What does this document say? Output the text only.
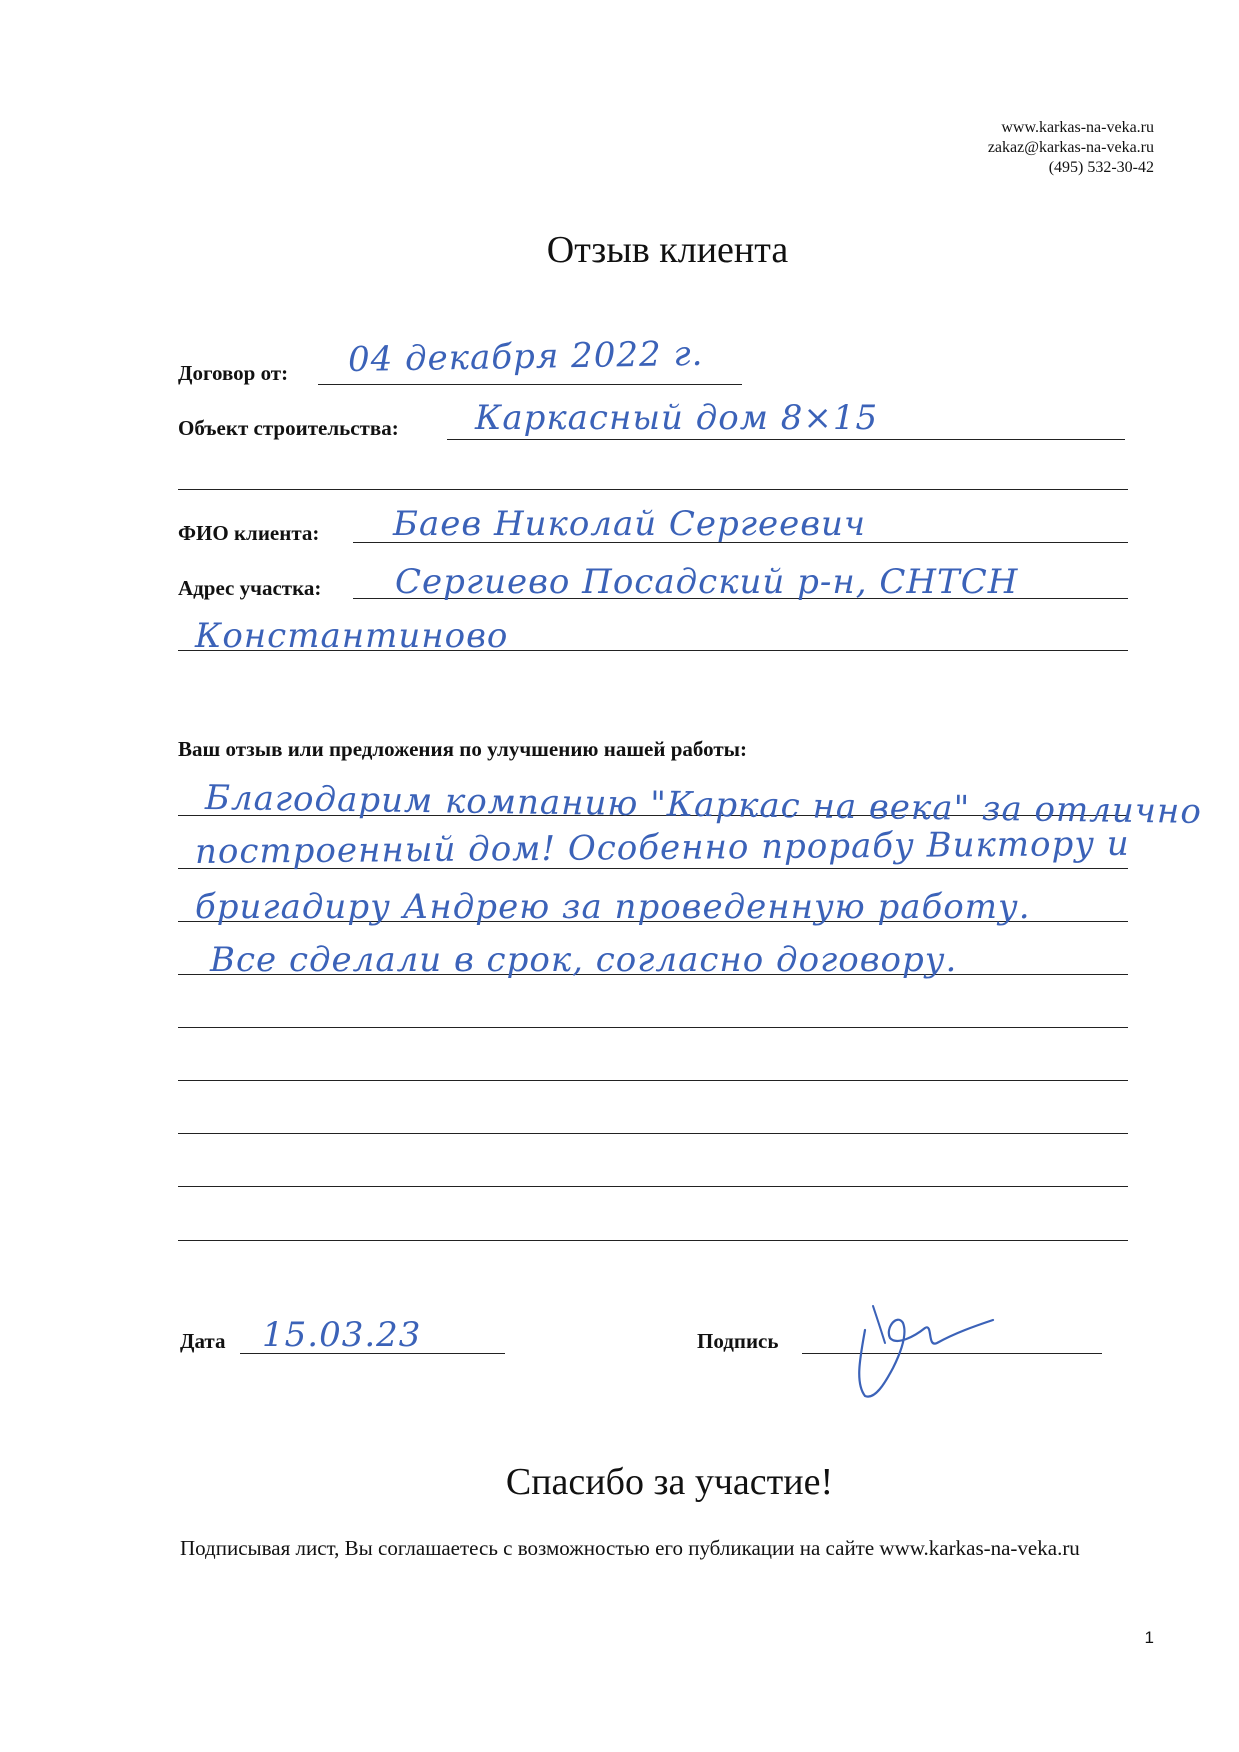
www.karkas-na-veka.ru
zakaz@karkas-na-veka.ru
(495) 532-30-42
Отзыв клиента
Договор от: 04 декабря 2022 г.
Объект строительства: Каркасный дом 8×15
ФИО клиента: Баев Николай Сергеевич
Адрес участка: Сергиево Посадский р-н, СНТСН
Константиново
Ваш отзыв или предложения по улучшению нашей работы:
Благодарим компанию "Каркас на века" за отлично
построенный дом! Особенно прорабу Виктору и
бригадиру Андрею за проведенную работу.
Все сделали в срок, согласно договору.
Дата 15.03.23	Подпись
Спасибо за участие!
Подписывая лист, Вы соглашаетесь с возможностью его публикации на сайте www.karkas-na-veka.ru
1
